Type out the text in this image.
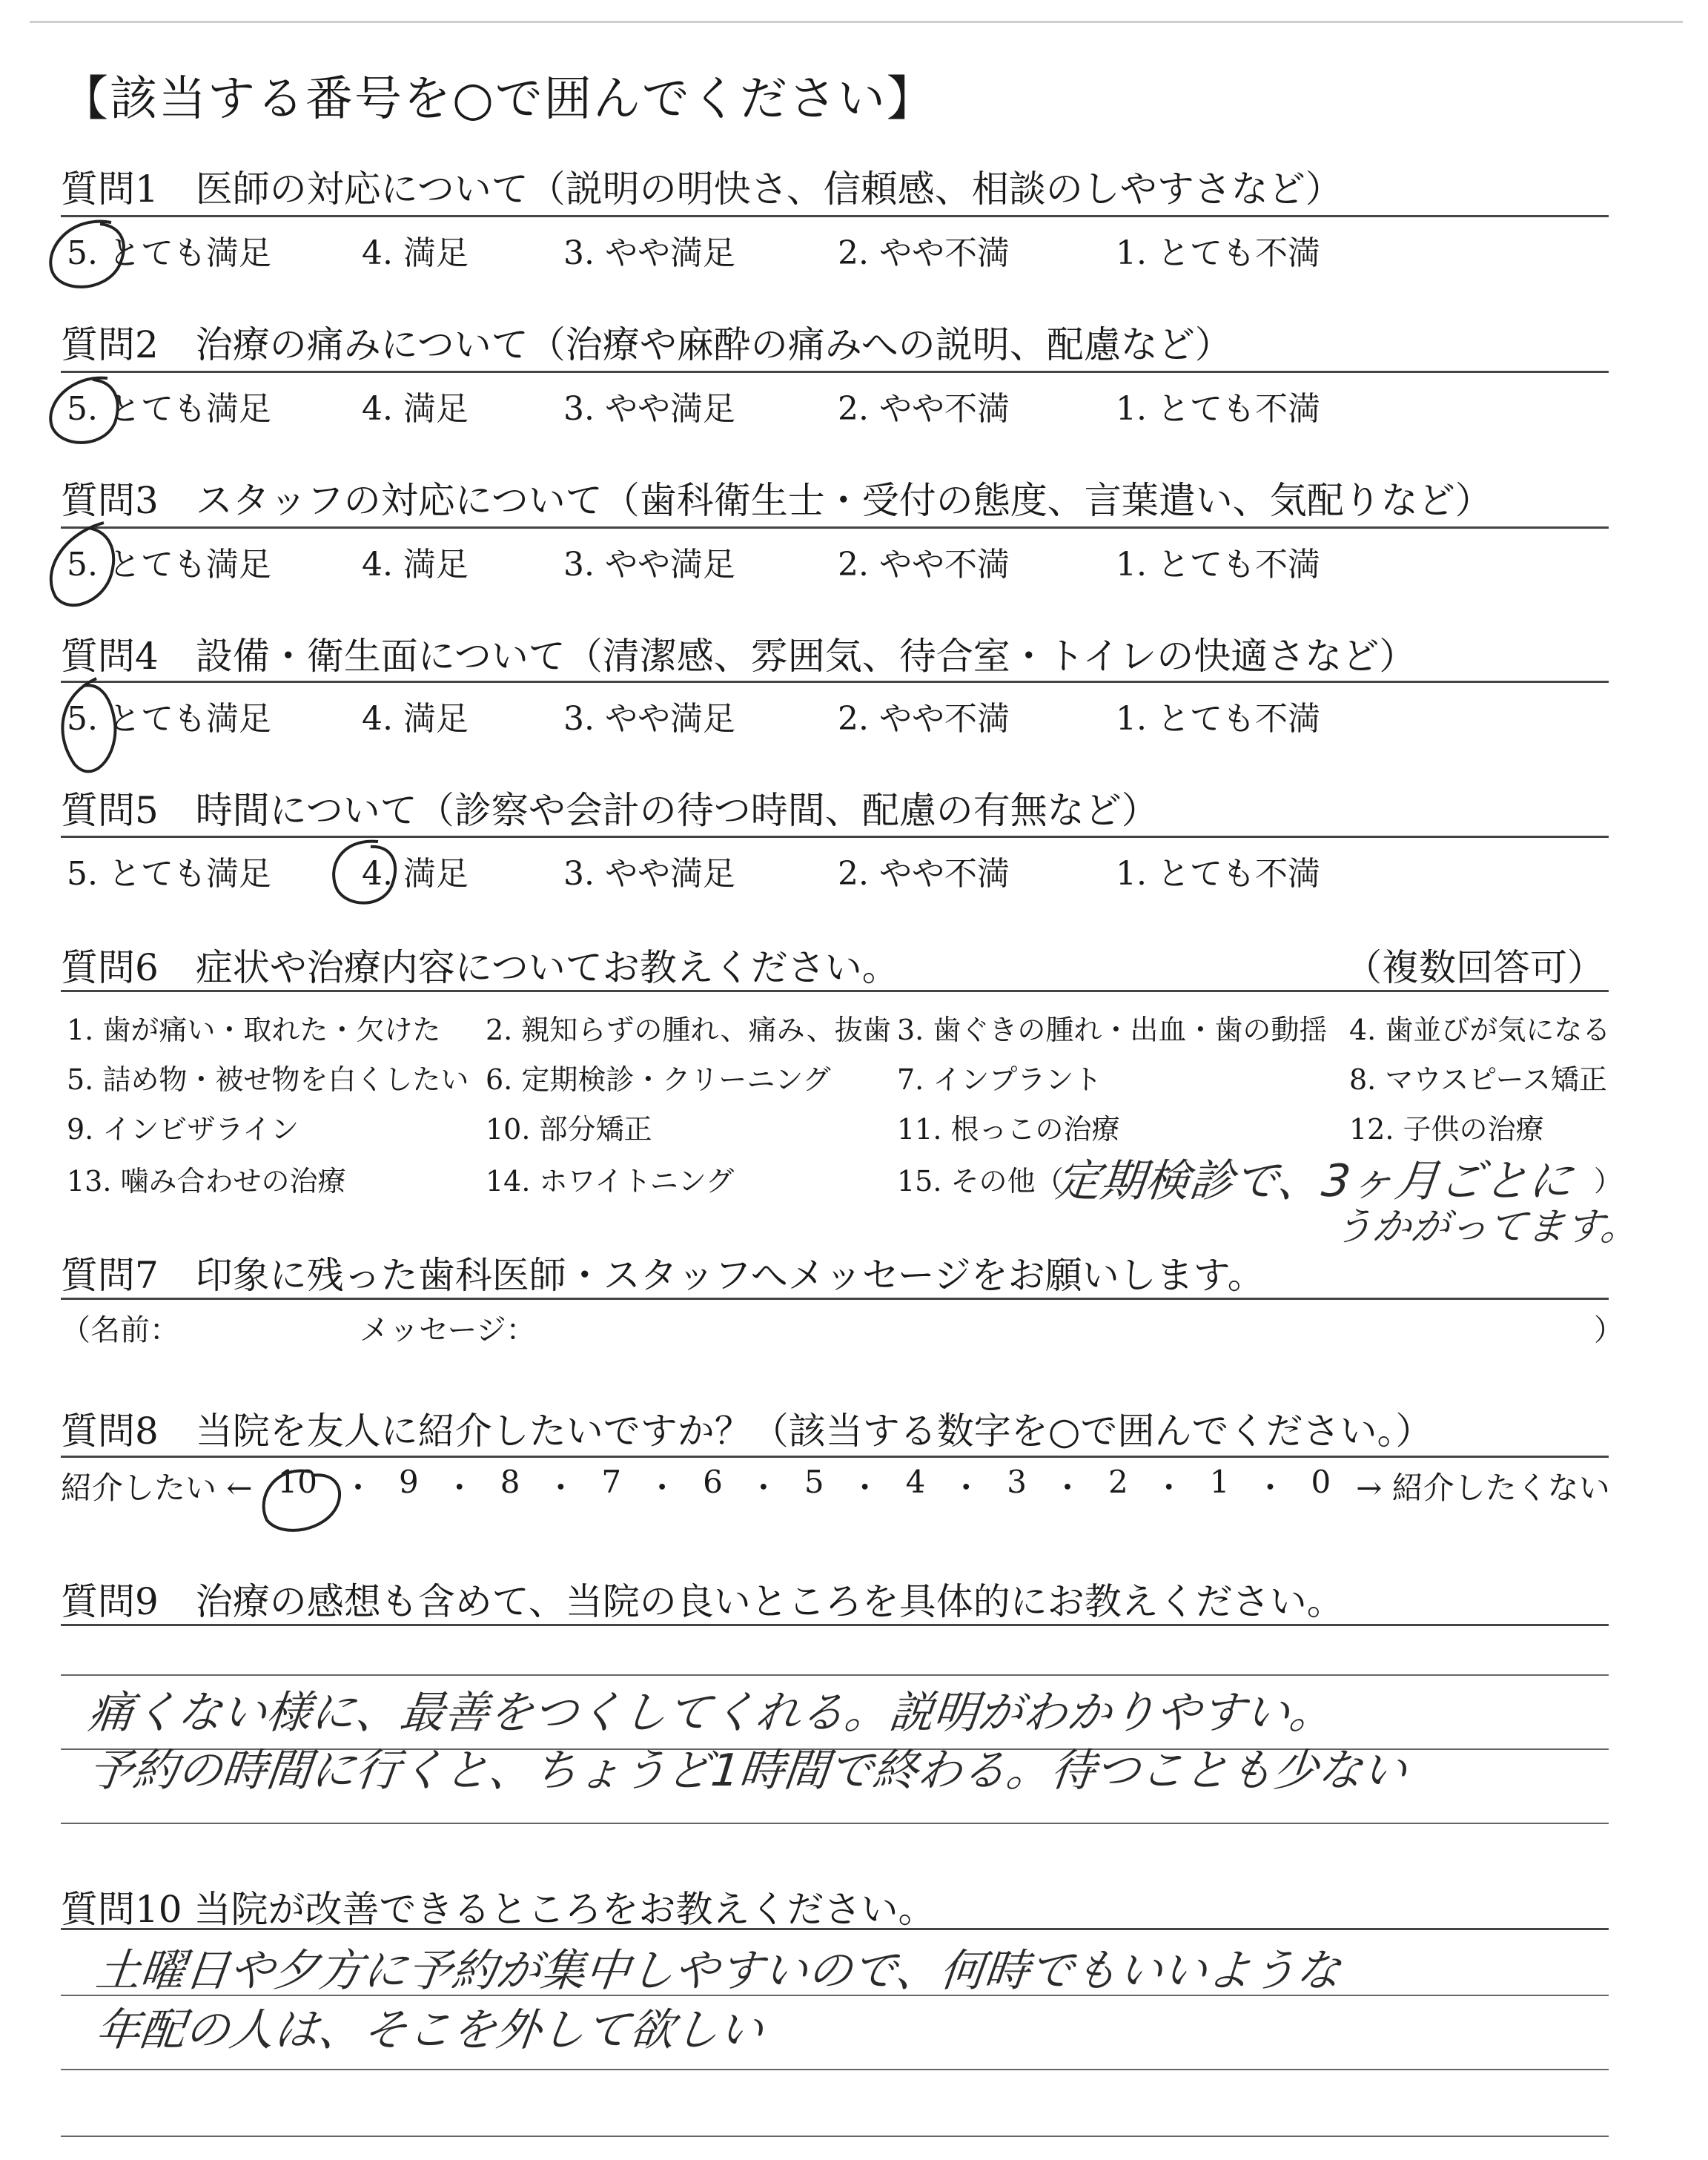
【該当する番号を○で囲んでください】
質問1　医師の対応について（説明の明快さ、信頼感、相談のしやすさなど）
5. とても満足	4. 満足	3. やや満足	2. やや不満	1. とても不満
質問2　治療の痛みについて（治療や麻酔の痛みへの説明、配慮など）
5. とても満足	4. 満足	3. やや満足	2. やや不満	1. とても不満
質問3　スタッフの対応について（歯科衛生士・受付の態度、言葉遣い、気配りなど）
5. とても満足	4. 満足	3. やや満足	2. やや不満	1. とても不満
質問4　設備・衛生面について（清潔感、雰囲気、待合室・トイレの快適さなど）
5. とても満足	4. 満足	3. やや満足	2. やや不満	1. とても不満
質問5　時間について（診察や会計の待つ時間、配慮の有無など）
5. とても満足	4. 満足	3. やや満足	2. やや不満	1. とても不満
質問6　症状や治療内容についてお教えください。	（複数回答可）
1. 歯が痛い・取れた・欠けた 2. 親知らずの腫れ、痛み、抜歯 3. 歯ぐきの腫れ・出血・歯の動揺 4. 歯並びが気になる
5. 詰め物・被せ物を白くしたい 6. 定期検診・クリーニング 7. インプラント	8. マウスピース矯正
9. インビザライン	10. 部分矯正	11. 根っこの治療	12. 子供の治療
13. 噛み合わせの治療	14. ホワイトニング	15. その他（	）
定期検診で、3ヶ月ごとに
うかがってます。
質問7　印象に残った歯科医師・スタッフへメッセージをお願いします。
（名前：	メッセージ：	）
質問8　当院を友人に紹介したいですか？（該当する数字を○で囲んでください。）
紹介したい ← 10 ・ 9 ・ 8 ・ 7 ・ 6 ・ 5 ・ 4 ・ 3 ・ 2 ・ 1 ・ 0 → 紹介したくない
質問9　治療の感想も含めて、当院の良いところを具体的にお教えください。
痛くない様に、最善をつくしてくれる。説明がわかりやすい。
予約の時間に行くと、ちょうど1時間で終わる。待つことも少ない
質問10 当院が改善できるところをお教えください。
土曜日や夕方に予約が集中しやすいので、何時でもいいような
年配の人は、そこを外して欲しい
